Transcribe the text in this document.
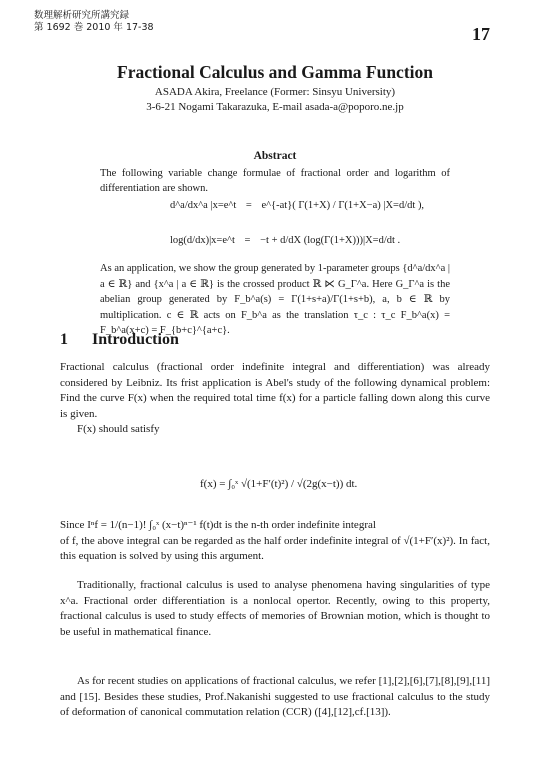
数理解析研究所講究録
第 1692 巻 2010 年 17-38	17
Fractional Calculus and Gamma Function
ASADA Akira, Freelance (Former: Sinsyu University)
3-6-21 Nogami Takarazuka, E-mail asada-a@poporo.ne.jp
Abstract

The following variable change formulae of fractional order and logarithm of differentiation are shown.

d^a/dx^a |x=e^t = e^{-at}( Γ(1+X) / Γ(1+X−a) |X=d/dt ),
log(d/dx)|x=e^t = −t + d/dX (log(Γ(1+X)))|X=d/dt .
As an application, we show the group generated by 1-parameter groups {d^a/dx^a | a ∈ ℝ} and {x^a | a ∈ ℝ} is the crossed product ℝ ⋉ G_Γ^a. Here G_Γ^a is the abelian group generated by F_b^a(s) = Γ(1+s+a)/Γ(1+s+b), a, b ∈ ℝ by multiplication. c ∈ ℝ acts on F_b^a as the translation τ_c : τ_c F_b^a(x) = F_b^a(x+c) = F_{b+c}^{a+c}.
1 Introduction

Fractional calculus (fractional order indefinite integral and differentiation) was already considered by Leibniz. Its frist application is Abel's study of the following dynamical problem: Find the curve F(x) when the required total time f(x) for a particle falling down along this curve is given.

F(x) should satisfy

f(x) = ∫₀ˣ √(1+F′(t)²) / √(2g(x−t)) dt.

Since Iⁿf = 1/(n−1)! ∫₀ˣ (x−t)ⁿ⁻¹ f(t)dt is the n-th order indefinite integral

of f, the above integral can be regarded as the half order indefinite integral of √(1+F′(x)²). In fact, this equation is solved by using this argument.

Traditionally, fractional calculus is used to analyse phenomena having singularities of type x^a. Fractional order differentiation is a nonlocal opertor. Recently, owing to this property, fractional calculus is used to study effects of memories of Brownian motion, which is thought to be useful in mathematical finance.

As for recent studies on applications of fractional calculus, we refer [1],[2],[6],[7],[8],[9],[11] and [15]. Besides these studies, Prof.Nakanishi suggested to use fractional calculus to the study of deformation of canonical commutation relation (CCR) ([4],[12],cf.[13]).
